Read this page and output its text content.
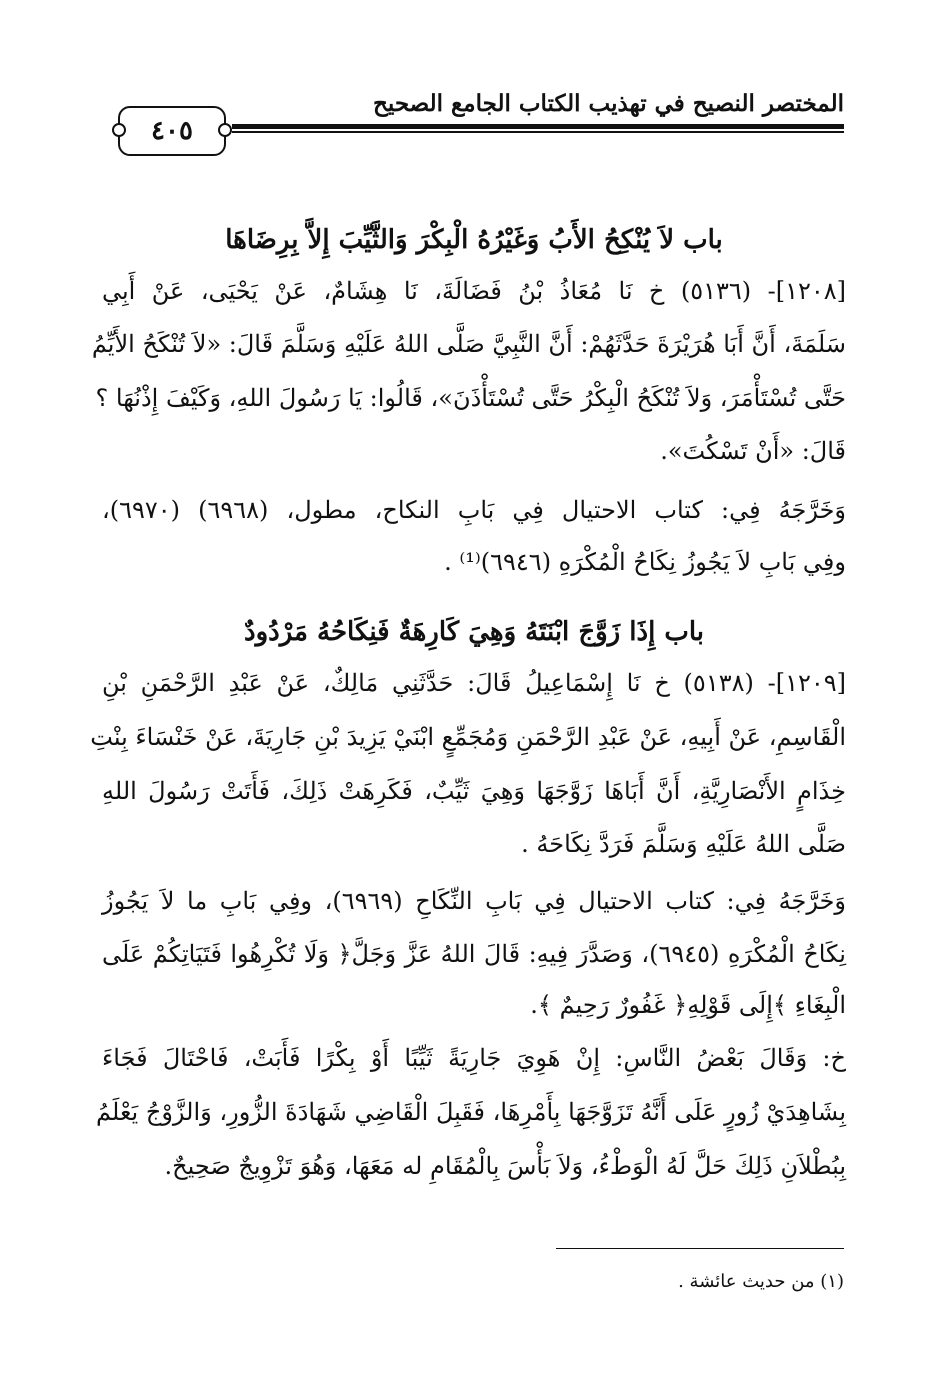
المختصر النصيح في تهذيب الكتاب الجامع الصحيح
٤٠٥
باب لاَ يُنْكِحُ الأَبُ وَغَيْرُهُ الْبِكْرَ وَالثَّيِّبَ إِلاَّ بِرِضَاهَا
[١٢٠٨]- (٥١٣٦) خ نَا مُعَاذُ بْنُ فَضَالَةَ، نَا هِشَامٌ، عَنْ يَحْيَى، عَنْ أَبِي
سَلَمَةَ، أَنَّ أَبَا هُرَيْرَةَ حَدَّثَهُمْ: أَنَّ النَّبِيَّ صَلَّى اللهُ عَلَيْهِ وَسَلَّمَ قَالَ: «لاَ تُنْكَحُ الأَيِّمُ
حَتَّى تُسْتَأْمَرَ، وَلاَ تُنْكَحُ الْبِكْرُ حَتَّى تُسْتَأْذَنَ»، قَالُوا: يَا رَسُولَ اللهِ، وَكَيْفَ إِذْنُهَا ؟
قَالَ: «أَنْ تَسْكُتَ».
وَخَرَّجَهُ فِي: كتاب الاحتيال فِي بَابِ النكاح، مطول، (٦٩٦٨) (٦٩٧٠)،
وفِي بَابِ لاَ يَجُوزُ نِكَاحُ الْمُكْرَهِ (٦٩٤٦)⁽¹⁾ .
باب إِذَا زَوَّجَ ابْنَتَهُ وَهِيَ كَارِهَةٌ فَنِكَاحُهُ مَرْدُودٌ
[١٢٠٩]- (٥١٣٨) خ نَا إِسْمَاعِيلُ قَالَ: حَدَّثَنِي مَالِكٌ، عَنْ عَبْدِ الرَّحْمَنِ بْنِ
الْقَاسِمِ، عَنْ أَبِيهِ، عَنْ عَبْدِ الرَّحْمَنِ وَمُجَمِّعٍ ابْنَيْ يَزِيدَ بْنِ جَارِيَةَ، عَنْ خَنْسَاءَ بِنْتِ
خِذَامٍ الأَنْصَارِيَّةِ، أَنَّ أَبَاهَا زَوَّجَهَا وَهِيَ ثَيِّبٌ، فَكَرِهَتْ ذَلِكَ، فَأَتَتْ رَسُولَ اللهِ
صَلَّى اللهُ عَلَيْهِ وَسَلَّمَ فَرَدَّ نِكَاحَهُ .
وَخَرَّجَهُ فِي: كتاب الاحتيال فِي بَابِ النِّكَاحِ (٦٩٦٩)، وفِي بَابِ ما لاَ يَجُوزُ
نِكَاحُ الْمُكْرَهِ (٦٩٤٥)، وَصَدَّرَ فِيهِ: قَالَ اللهُ عَزَّ وَجَلَّ﴿ وَلَا تُكْرِهُوا فَتَيَاتِكُمْ عَلَى
الْبِغَاءِ ﴾إِلَى قَوْلِهِ﴿ غَفُورٌ رَحِيمٌ ﴾.
خ: وَقَالَ بَعْضُ النَّاسِ: إِنْ هَوِيَ جَارِيَةً ثَيِّبًا أَوْ بِكْرًا فَأَبَتْ، فَاحْتَالَ فَجَاءَ
بِشَاهِدَيْ زُورٍ عَلَى أَنَّهُ تَزَوَّجَهَا بِأَمْرِهَا، فَقَبِلَ الْقَاضِي شَهَادَةَ الزُّورِ، وَالزَّوْجُ يَعْلَمُ
بِبُطْلاَنِ ذَلِكَ حَلَّ لَهُ الْوَطْءُ، وَلاَ بَأْسَ بِالْمُقَامِ له مَعَهَا، وَهُوَ تَزْوِيجٌ صَحِيحٌ.
(١) من حديث عائشة .
